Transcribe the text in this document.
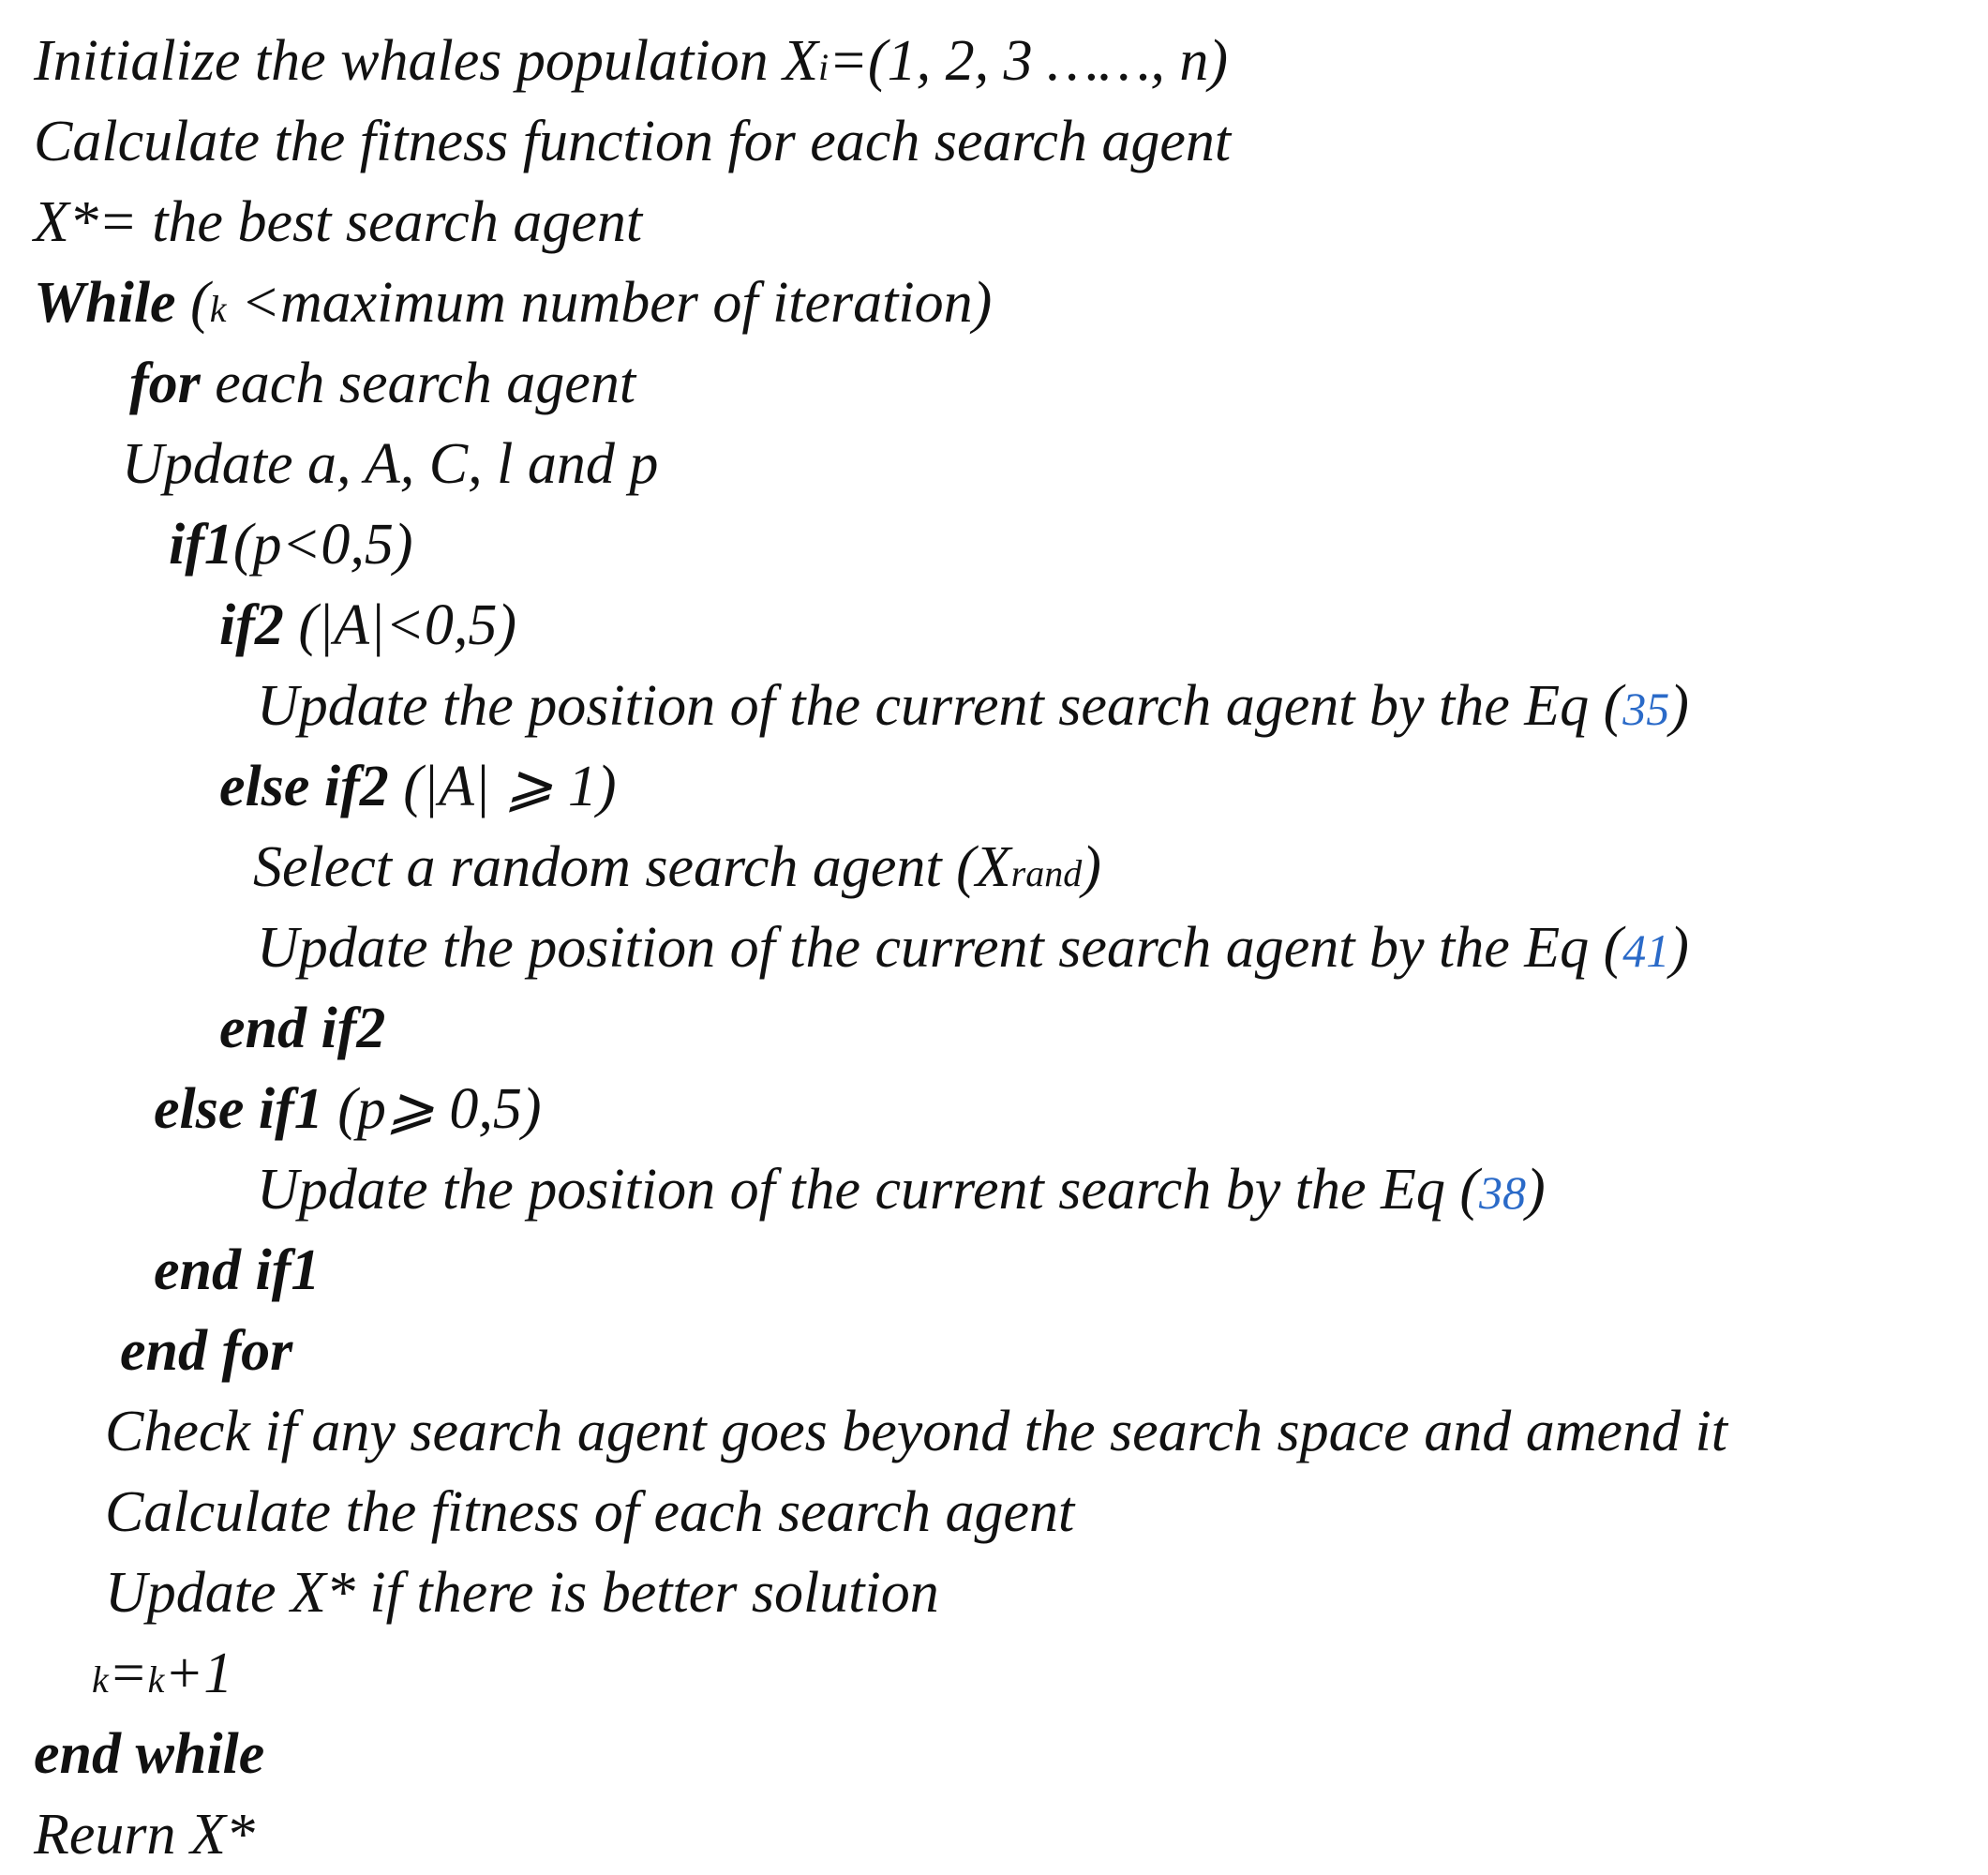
Initialize the whales population Xi=(1, 2, 3 ……, n)
Calculate the fitness function for each search agent
X*= the best search agent
While (k <maximum number of iteration)
for each search agent
Update a, A, C, l and p
if1(p<0,5)
if2 (|A|<0,5)
Update the position of the current search agent by the Eq (35)
else if2 (|A| ⩾ 1)
Select a random search agent (Xrand)
Update the position of the current search agent by the Eq (41)
end if2
else if1 (p⩾ 0,5)
Update the position of the current search by the Eq (38)
end if1
end for
Check if any search agent goes beyond the search space and amend it
Calculate the fitness of each search agent
Update X* if there is better solution
k=k+1
end while
Reurn X*
